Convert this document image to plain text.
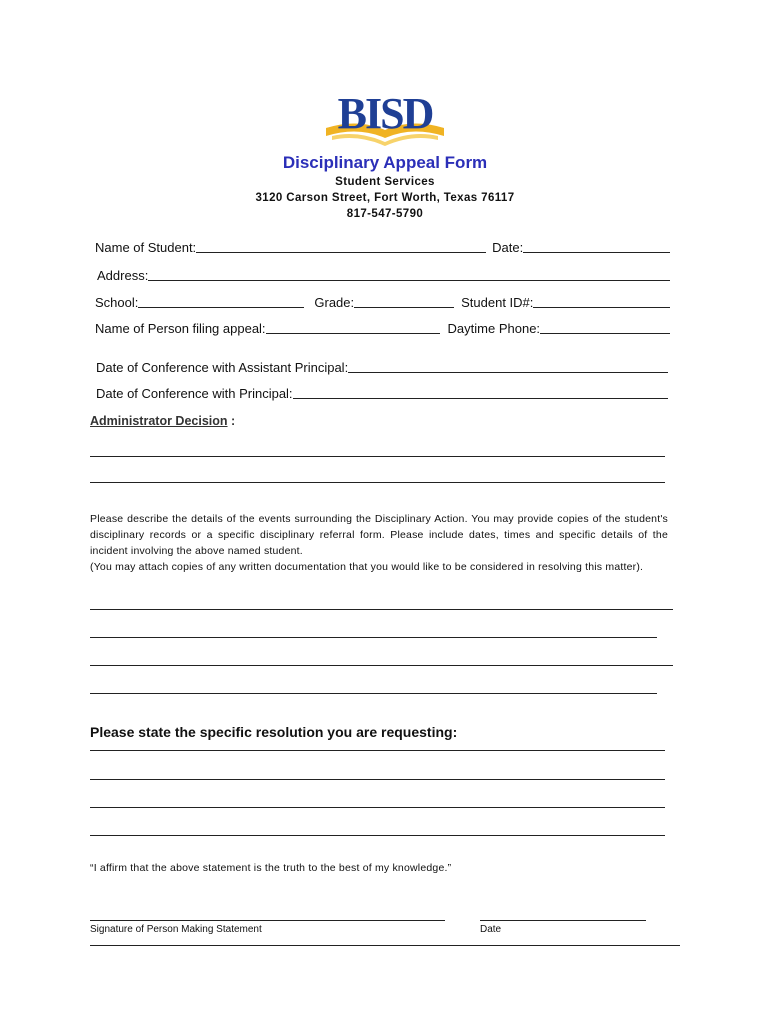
BISD
Disciplinary Appeal Form
Student Services
3120 Carson Street, Fort Worth, Texas 76117
817-547-5790
Name of Student:	Date:
Address:
School:	Grade:	Student ID#:
Name of Person filing appeal:	Daytime Phone:
Date of Conference with Assistant Principal:
Date of Conference with Principal:
Administrator Decision :

Please describe the details of the events surrounding the Disciplinary Action. You may provide copies of the student's disciplinary records or a specific disciplinary referral form. Please include dates, times and specific details of the incident involving the above named student.

(You may attach copies of any written documentation that you would like to be considered in resolving this matter).

Please state the specific resolution you are requesting:
“I affirm that the above statement is the truth to the best of my knowledge.”
Signature of Person Making Statement	Date
